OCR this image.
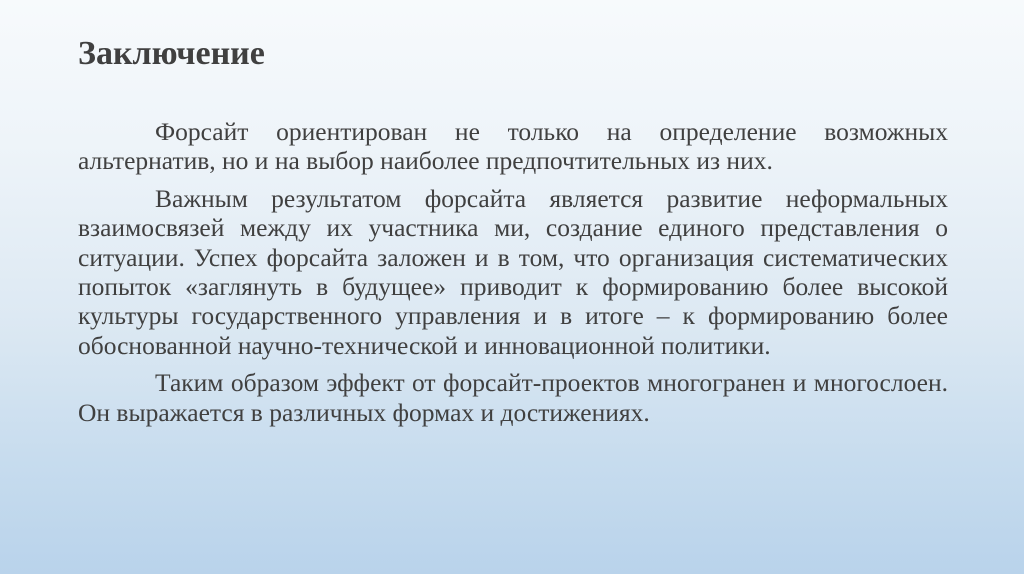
Заключение

Форсайт ориентирован не только на определение возможных альтернатив, но и на выбор наиболее предпочтительных из них.

Важным результатом форсайта является развитие неформальных взаимосвязей между их участника ми, создание единого представления о ситуации. Успех форсайта заложен и в том, что организация систематических попыток «заглянуть в будущее» приводит к формированию более высокой культуры государственного управления и в итоге – к формированию более обоснованной научно-технической и инновационной политики.

Таким образом эффект от форсайт-проектов многогранен и многослоен. Он выражается в различных формах и достижениях.
